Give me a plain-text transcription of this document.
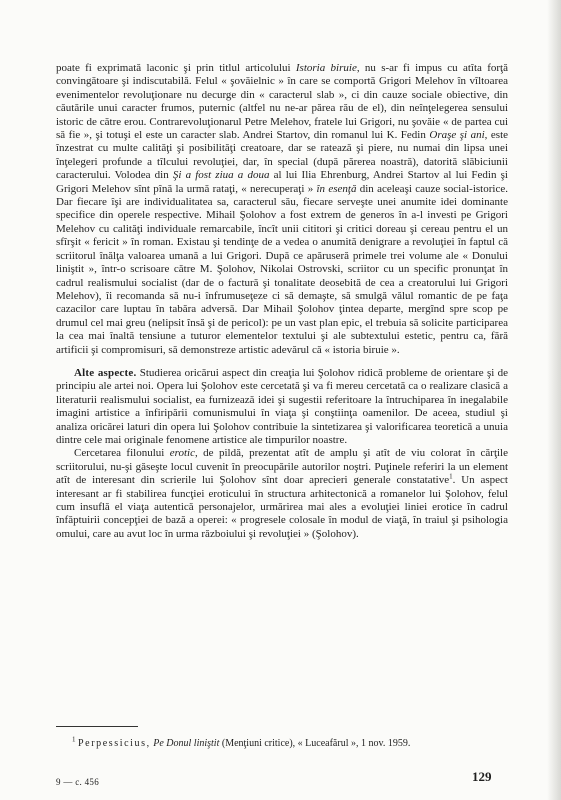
poate fi exprimată laconic şi prin titlul articolului Istoria biruie, nu s-ar fi impus cu atîta forţă convingătoare şi indiscutabilă. Felul « şovăielnic » în care se comportă Grigori Melehov în vîltoarea evenimentelor revoluţionare nu decurge din « caracterul slab », ci din cauze sociale obiective, din căutările unui caracter frumos, puternic (altfel nu ne-ar părea rău de el), din neînţelegerea sensului istoric de către erou. Contrarevoluţionarul Petre Melehov, fratele lui Grigori, nu şovăie « de partea cui să fie », şi totuşi el este un caracter slab. Andrei Startov, din romanul lui K. Fedin Oraşe şi ani, este înzestrat cu multe calităţi şi posibilităţi creatoare, dar se ratează şi piere, nu numai din lipsa unei înţelegeri profunde a tîlcului revoluţiei, dar, în special (după părerea noastră), datorită slăbiciunii caracterului. Volodea din Şi a fost ziua a doua al lui Ilia Ehrenburg, Andrei Startov al lui Fedin şi Grigori Melehov sînt pînă la urmă rataţi, « nerecuperaţi » în esenţă din aceleaşi cauze social-istorice. Dar fiecare îşi are individualitatea sa, caracterul său, fiecare serveşte unei anumite idei dominante specifice din operele respective. Mihail Şolohov a fost extrem de generos în a-l investi pe Grigori Melehov cu calităţi individuale remarcabile, încît unii cititori şi critici doreau şi cereau pentru el un sfîrşit « fericit » în roman. Existau şi tendinţe de a vedea o anumită denigrare a revoluţiei în faptul că scriitorul înălţa valoarea umană a lui Grigori. După ce apăruseră primele trei volume ale « Donului liniştit », într-o scrisoare către M. Şolohov, Nikolai Ostrovski, scriitor cu un specific pronunţat în cadrul realismului socialist (dar de o factură şi tonalitate deosebită de cea a creatorului lui Grigori Melehov), îi recomanda să nu-i înfrumuseţeze ci să demaşte, să smulgă vălul romantic de pe faţa cazacilor care luptau în tabăra adversă. Dar Mihail Şolohov ţintea departe, mergînd spre scop pe drumul cel mai greu (nelipsit însă şi de pericol): pe un vast plan epic, el trebuia să solicite participarea la cea mai înaltă tensiune a tuturor elementelor textului şi ale subtextului estetic, pentru ca, fără artificii şi compromisuri, să demonstreze artistic adevărul că « istoria biruie ».

Alte aspecte. Studierea oricărui aspect din creaţia lui Şolohov ridică probleme de orientare şi de principiu ale artei noi. Opera lui Şolohov este cercetată şi va fi mereu cercetată ca o realizare clasică a literaturii realismului socialist, ea furnizează idei şi sugestii referitoare la întruchiparea în inegalabile imagini artistice a înfiripării comunismului în viaţa şi conştiinţa oamenilor. De aceea, studiul şi analiza oricărei laturi din opera lui Şolohov contribuie la sintetizarea şi valorificarea teoretică a unuia dintre cele mai originale fenomene artistice ale timpurilor noastre.

Cercetarea filonului erotic, de pildă, prezentat atît de amplu şi atît de viu colorat în cărţile scriitorului, nu-şi găseşte locul cuvenit în preocupările autorilor noştri. Puţinele referiri la un element atît de interesant din scrierile lui Şolohov sînt doar aprecieri generale constatative$^1$. Un aspect interesant ar fi stabilirea funcţiei eroticului în structura arhitectonică a romanelor lui Şolohov, felul cum insuflă el viaţa autentică personajelor, urmărirea mai ales a evoluţiei liniei erotice în cadrul înfăptuirii concepţiei de bază a operei: « progresele colosale în modul de viaţă, în traiul şi psihologia omului, care au avut loc în urma războiului şi revoluţiei » (Şolohov).

$^1$ Perpessicius, Pe Donul liniştit (Menţiuni critice), « Luceafărul », 1 nov. 1959.
9 — c. 456	129
